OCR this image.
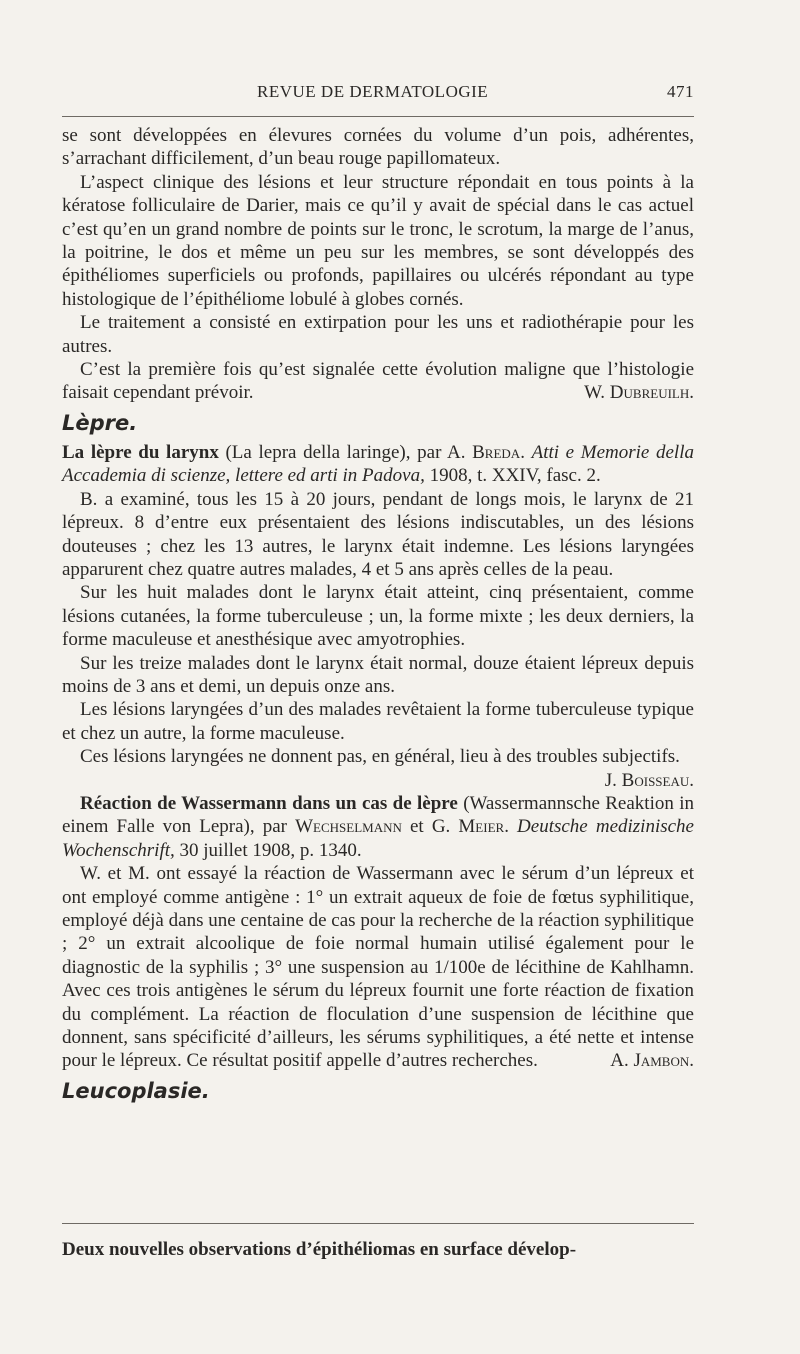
REVUE DE DERMATOLOGIE	471

se sont développées en élevures cornées du volume d’un pois, adhérentes, s’arrachant difficilement, d’un beau rouge papillomateux.

L’aspect clinique des lésions et leur structure répondait en tous points à la kératose folliculaire de Darier, mais ce qu’il y avait de spécial dans le cas actuel c’est qu’en un grand nombre de points sur le tronc, le scrotum, la marge de l’anus, la poitrine, le dos et même un peu sur les membres, se sont développés des épithéliomes superficiels ou profonds, papillaires ou ulcérés répondant au type histologique de l’épithéliome lobulé à globes cornés.

Le traitement a consisté en extirpation pour les uns et radiothérapie pour les autres.

C’est la première fois qu’est signalée cette évolution maligne que l’histologie faisait cependant prévoir.	W. Dubreuilh.

Lèpre.

La lèpre du larynx (La lepra della laringe), par A. Breda. Atti e Memorie della Accademia di scienze, lettere ed arti in Padova, 1908, t. XXIV, fasc. 2.

B. a examiné, tous les 15 à 20 jours, pendant de longs mois, le larynx de 21 lépreux. 8 d’entre eux présentaient des lésions indiscutables, un des lésions douteuses ; chez les 13 autres, le larynx était indemne. Les lésions laryngées apparurent chez quatre autres malades, 4 et 5 ans après celles de la peau.

Sur les huit malades dont le larynx était atteint, cinq présentaient, comme lésions cutanées, la forme tuberculeuse ; un, la forme mixte ; les deux derniers, la forme maculeuse et anesthésique avec amyotrophies.

Sur les treize malades dont le larynx était normal, douze étaient lépreux depuis moins de 3 ans et demi, un depuis onze ans.

Les lésions laryngées d’un des malades revêtaient la forme tuberculeuse typique et chez un autre, la forme maculeuse.

Ces lésions laryngées ne donnent pas, en général, lieu à des troubles subjectifs.
J. Boisseau.

Réaction de Wassermann dans un cas de lèpre (Wassermannsche Reaktion in einem Falle von Lepra), par Wechselmann et G. Meier. Deutsche medizinische Wochenschrift, 30 juillet 1908, p. 1340.

W. et M. ont essayé la réaction de Wassermann avec le sérum d’un lépreux et ont employé comme antigène : 1° un extrait aqueux de foie de fœtus syphilitique, employé déjà dans une centaine de cas pour la recherche de la réaction syphilitique ; 2° un extrait alcoolique de foie normal humain utilisé également pour le diagnostic de la syphilis ; 3° une suspension au 1/100e de lécithine de Kahlhamn. Avec ces trois antigènes le sérum du lépreux fournit une forte réaction de fixation du complément. La réaction de floculation d’une suspension de lécithine que donnent, sans spécificité d’ailleurs, les sérums syphilitiques, a été nette et intense pour le lépreux. Ce résultat positif appelle d’autres recherches.	A. Jambon.

Leucoplasie.
Deux nouvelles observations d’épithéliomas en surface dévelop-
